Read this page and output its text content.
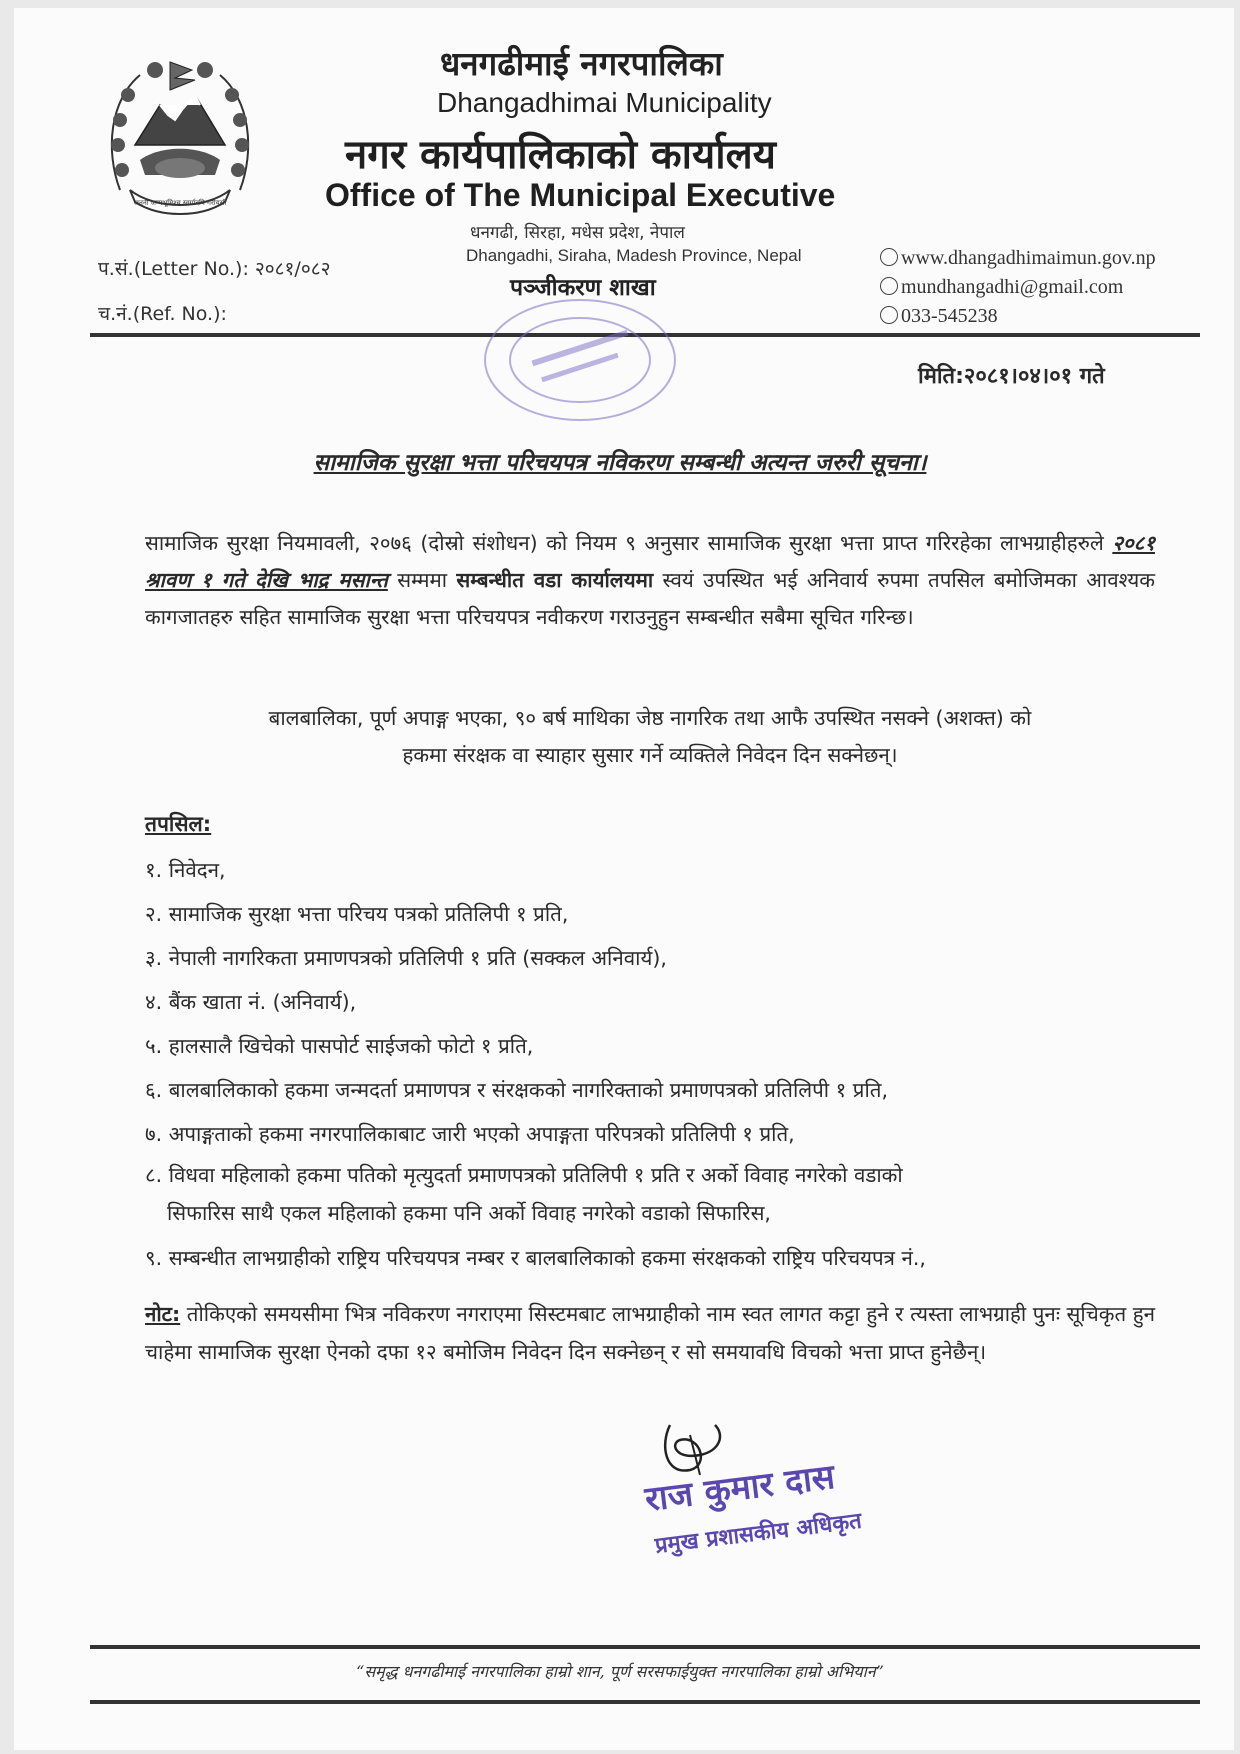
जननी जन्मभूमिश्च स्वर्गादपि गरीयसी
धनगढीमाई नगरपालिका
Dhangadhimai Municipality
नगर कार्यपालिकाको कार्यालय
Office of The Municipal Executive
धनगढी, सिरहा, मधेस प्रदेश, नेपाल
Dhangadhi, Siraha, Madesh Province, Nepal
पञ्जीकरण शाखा
प.सं.(Letter No.): २०८१/०८२
च.नं.(Ref. No.):
www.dhangadhimaimun.gov.np
mundhangadhi@gmail.com
033-545238
मिति:२०८१।०४।०१ गते
सामाजिक सुरक्षा भत्ता परिचयपत्र नविकरण सम्बन्धी अत्यन्त जरुरी सूचना।
सामाजिक सुरक्षा नियमावली, २०७६ (दोस्रो संशोधन) को नियम ९ अनुसार सामाजिक सुरक्षा भत्ता प्राप्त गरिरहेका लाभग्राहीहरुले २०८१ श्रावण १ गते देखि भाद्र मसान्त सम्ममा सम्बन्धीत वडा कार्यालयमा स्वयं उपस्थित भई अनिवार्य रुपमा तपसिल बमोजिमका आवश्यक कागजातहरु सहित सामाजिक सुरक्षा भत्ता परिचयपत्र नवीकरण गराउनुहुन सम्बन्धीत सबैमा सूचित गरिन्छ।
बालबालिका, पूर्ण अपाङ्ग भएका, ९० बर्ष माथिका जेष्ठ नागरिक तथा आफै उपस्थित नसक्ने (अशक्त) को
हकमा संरक्षक वा स्याहार सुसार गर्ने व्यक्तिले निवेदन दिन सक्नेछन्।
तपसिल:
१. निवेदन,
२. सामाजिक सुरक्षा भत्ता परिचय पत्रको प्रतिलिपी १ प्रति,
३. नेपाली नागरिकता प्रमाणपत्रको प्रतिलिपी १ प्रति (सक्कल अनिवार्य),
४. बैंक खाता नं. (अनिवार्य),
५. हालसालै खिचेको पासपोर्ट साईजको फोटो १ प्रति,
६. बालबालिकाको हकमा जन्मदर्ता प्रमाणपत्र र संरक्षकको नागरिक्ताको प्रमाणपत्रको प्रतिलिपी १ प्रति,
७. अपाङ्गताको हकमा नगरपालिकाबाट जारी भएको अपाङ्गता परिपत्रको प्रतिलिपी १ प्रति,
८. विधवा महिलाको हकमा पतिको मृत्युदर्ता प्रमाणपत्रको प्रतिलिपी १ प्रति र अर्को विवाह नगरेको वडाको
सिफारिस साथै एकल महिलाको हकमा पनि अर्को विवाह नगरेको वडाको सिफारिस,
९. सम्बन्धीत लाभग्राहीको राष्ट्रिय परिचयपत्र नम्बर र बालबालिकाको हकमा संरक्षकको राष्ट्रिय परिचयपत्र नं.,
नोट: तोकिएको समयसीमा भित्र नविकरण नगराएमा सिस्टमबाट लाभग्राहीको नाम स्वत लागत कट्टा हुने र त्यस्ता लाभग्राही पुनः सूचिकृत हुन चाहेमा सामाजिक सुरक्षा ऐनको दफा १२ बमोजिम निवेदन दिन सक्नेछन् र सो समयावधि विचको भत्ता प्राप्त हुनेछैन्।
राज कुमार दास
प्रमुख प्रशासकीय अधिकृत
“समृद्ध धनगढीमाई नगरपालिका हाम्रो शान, पूर्ण सरसफाईयुक्त नगरपालिका हाम्रो अभियान”
